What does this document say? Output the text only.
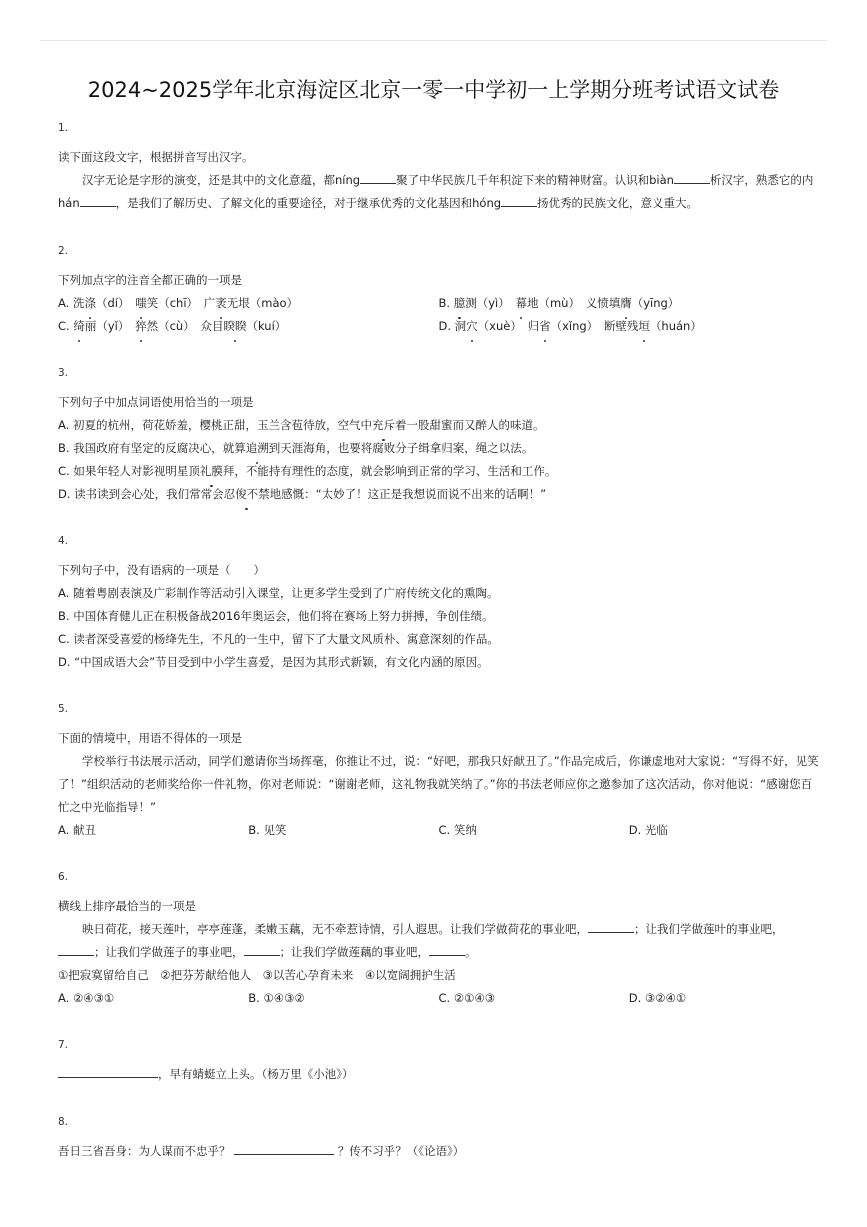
2024~2025学年北京海淀区北京一零一中学初一上学期分班考试语文试卷
1.
读下面这段文字，根据拼音写出汉字。
汉字无论是字形的演变，还是其中的文化意蕴，都níng	聚了中华民族几千年积淀下来的精神财富。认识和biàn	析汉字，熟悉它的内hán	，是我们了解历史、了解文化的重要途径，对于继承优秀的文化基因和hóng	扬优秀的民族文化，意义重大。
2.
下列加点字的注音全都正确的一项是
A. 洗涤（dí）　 嗤笑（chī）　 广袤无垠（mào）	B. 臆测（yì）　 幕地（mù）　 义愤填膺（yīng）
C. 绮丽（yǐ）　 猝然（cù）　 众目睽睽（kuí）	D. 洞穴（xuè）　 归省（xǐng）　 断壁残垣（huán）
3.
下列句子中加点词语使用恰当的一项是
A. 初夏的杭州，荷花娇羞，樱桃正甜，玉兰含苞待放，空气中充斥着一股甜蜜而又醉人的味道。
B. 我国政府有坚定的反腐决心，就算追溯到天涯海角，也要将腐败分子缉拿归案，绳之以法。
C. 如果年轻人对影视明星顶礼膜拜，不能持有理性的态度，就会影响到正常的学习、生活和工作。
D. 读书读到会心处，我们常常会忍俊不禁地感慨：“太妙了！这正是我想说而说不出来的话啊！”
4.
下列句子中，没有语病的一项是（　　）
A. 随着粤剧表演及广彩制作等活动引入课堂，让更多学生受到了广府传统文化的熏陶。
B. 中国体育健儿正在积极备战2016年奥运会，他们将在赛场上努力拼搏，争创佳绩。
C. 读者深受喜爱的杨绛先生，不凡的一生中，留下了大量文风质朴、寓意深刻的作品。
D. “中国成语大会”节目受到中小学生喜爱，是因为其形式新颖，有文化内涵的原因。
5.
下面的情境中，用语不得体的一项是
学校举行书法展示活动，同学们邀请你当场挥毫，你推让不过，说：“好吧，那我只好献丑了。”作品完成后，你谦虚地对大家说：“写得不好，见笑了！”组织活动的老师奖给你一件礼物，你对老师说：“谢谢老师，这礼物我就笑纳了。”你的书法老师应你之邀参加了这次活动，你对他说：“感谢您百忙之中光临指导！”
A. 献丑	B. 见笑	C. 笑纳	D. 光临
6.
横线上排序最恰当的一项是
映日荷花，接天莲叶，亭亭莲蓬，柔嫩玉藕，无不牵惹诗情，引人遐思。让我们学做荷花的事业吧，	；让我们学做莲叶的事业吧，；让我们学做莲子的事业吧，	；让我们学做莲藕的事业吧，	。
①把寂寞留给自己　②把芬芳献给他人　③以苦心孕育未来　④以宽阔拥护生活
A. ②④③①	B. ①④③②	C. ②①④③	D. ③②④①
7.
，早有蜻蜓立上头。（杨万里《小池》）
8.
吾日三省吾身：为人谋而不忠乎？	？传不习乎？（《论语》）
